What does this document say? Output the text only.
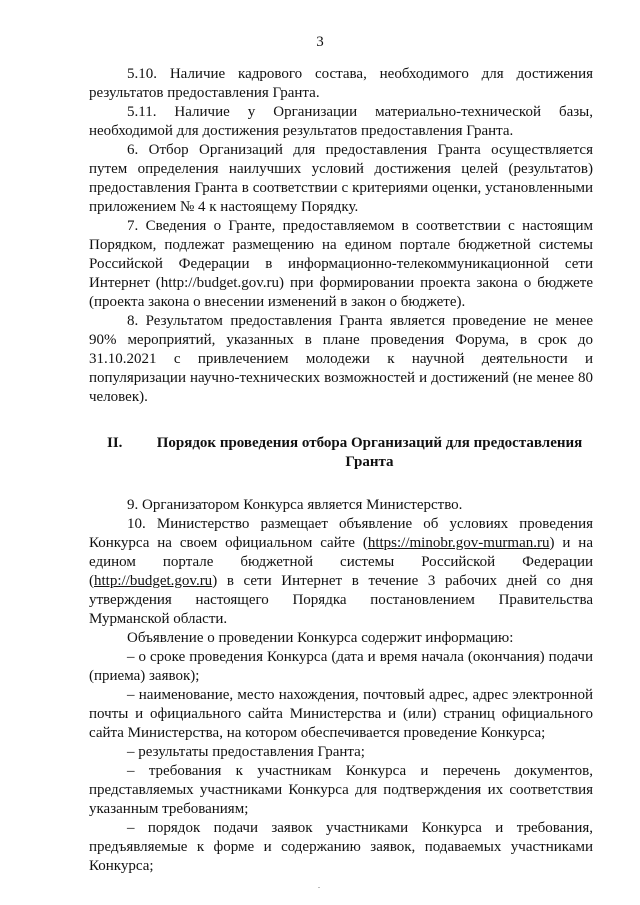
3

5.10. Наличие кадрового состава, необходимого для достижения результатов предоставления Гранта.

5.11. Наличие у Организации материально-технической базы, необходимой для достижения результатов предоставления Гранта.

6. Отбор Организаций для предоставления Гранта осуществляется путем определения наилучших условий достижения целей (результатов) предоставления Гранта в соответствии с критериями оценки, установленными приложением № 4 к настоящему Порядку.

7. Сведения о Гранте, предоставляемом в соответствии с настоящим Порядком, подлежат размещению на едином портале бюджетной системы Российской Федерации в информационно-телекоммуникационной сети Интернет (http://budget.gov.ru) при формировании проекта закона о бюджете (проекта закона о внесении изменений в закон о бюджете).

8. Результатом предоставления Гранта является проведение не менее 90% мероприятий, указанных в плане проведения Форума, в срок до 31.10.2021 с привлечением молодежи к научной деятельности и популяризации научно-технических возможностей и достижений (не менее 80 человек).

II.	Порядок проведения отбора Организаций для предоставления Гранта

9. Организатором Конкурса является Министерство.

10. Министерство размещает объявление об условиях проведения Конкурса на своем официальном сайте (https://minobr.gov-murman.ru) и на едином портале бюджетной системы Российской Федерации (http://budget.gov.ru) в сети Интернет в течение 3 рабочих дней со дня утверждения настоящего Порядка постановлением Правительства Мурманской области.

Объявление о проведении Конкурса содержит информацию:

– о сроке проведения Конкурса (дата и время начала (окончания) подачи (приема) заявок);

– наименование, место нахождения, почтовый адрес, адрес электронной почты и официального сайта Министерства и (или) страниц официального сайта Министерства, на котором обеспечивается проведение Конкурса;

– результаты предоставления Гранта;

– требования к участникам Конкурса и перечень документов, представляемых участниками Конкурса для подтверждения их соответствия указанным требованиям;

– порядок подачи заявок участниками Конкурса и требования, предъявляемые к форме и содержанию заявок, подаваемых участниками Конкурса;
